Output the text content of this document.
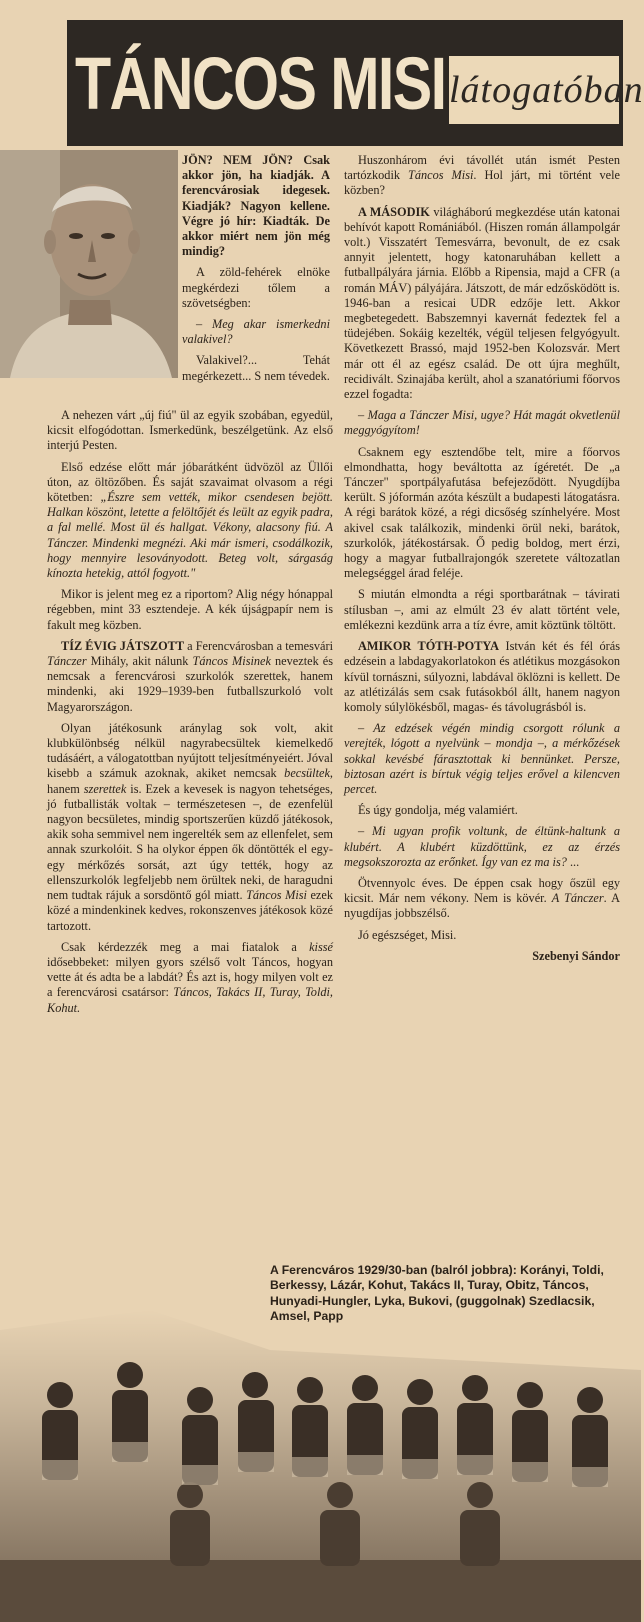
TÁNCOS MISI látogatóban

JÖN? NEM JÖN? Csak akkor jön, ha kiadják. A ferencvárosiak idegesek. Kiadják? Nagyon kellene. Végre jó hír: Kiadták. De akkor miért nem jön még mindig?

A zöld-fehérek elnöke megkérdezi tőlem a szövetségben:

– Meg akar ismerkedni valakivel?

Valakivel?... Tehát megérkezett... S nem tévedek.

A nehezen várt „új fiú" ül az egyik szobában, egyedül, kicsit elfogódottan. Ismerkedünk, beszélgetünk. Az első interjú Pesten.

Első edzése előtt már jóbarátként üdvözöl az Üllői úton, az öltözőben. És saját szavaimat olvasom a régi kötetben: „Észre sem vették, mikor csendesen bejött. Halkan köszönt, letette a felöltőjét és leült az egyik padra, a fal mellé. Most ül és hallgat. Vékony, alacsony fiú. A Tánczer. Mindenki megnézi. Aki már ismeri, csodálkozik, hogy mennyire lesoványodott. Beteg volt, sárgaság kínozta hetekig, attól fogyott."

Mikor is jelent meg ez a riportom? Alig négy hónappal régebben, mint 33 esztendeje. A kék újságpapír nem is fakult meg közben.

TÍZ ÉVIG JÁTSZOTT a Ferencvárosban a temesvári Tánczer Mihály, akit nálunk Táncos Misinek neveztek és nemcsak a ferencvárosi szurkolók szerettek, hanem mindenki, aki 1929–1939-ben futballszurkoló volt Magyarországon.

Olyan játékosunk aránylag sok volt, akit klubkülönbség nélkül nagyrabecsültek kiemelkedő tudásáért, a válogatottban nyújtott teljesítményeiért. Jóval kisebb a számuk azoknak, akiket nemcsak becsültek, hanem szerettek is. Ezek a kevesek is nagyon tehetséges, jó futballisták voltak – természetesen –, de ezenfelül nagyon becsületes, mindig sportszerűen küzdő játékosok, akik soha semmivel nem ingerelték sem az ellenfelet, sem annak szurkolóit. S ha olykor éppen ők döntötték el egy-egy mérkőzés sorsát, azt úgy tették, hogy az ellenszurkolók legfeljebb nem örültek neki, de haragudni nem tudtak rájuk a sorsdöntő gól miatt. Táncos Misi ezek közé a mindenkinek kedves, rokonszenves játékosok közé tartozott.

Csak kérdezzék meg a mai fiatalok a kissé idősebbeket: milyen gyors szélső volt Táncos, hogyan vette át és adta be a labdát? És azt is, hogy milyen volt ez a ferencvárosi csatársor: Táncos, Takács II, Turay, Toldi, Kohut.

Huszonhárom évi távollét után ismét Pesten tartózkodik Táncos Misi. Hol járt, mi történt vele közben?

A MÁSODIK világháború megkezdése után katonai behívót kapott Romániából. (Hiszen román állampolgár volt.) Visszatért Temesvárra, bevonult, de ez csak annyit jelentett, hogy katonaruhában kellett a futballpályára járnia. Előbb a Ripensia, majd a CFR (a román MÁV) pályájára. Játszott, de már edzősködött is. 1946-ban a resicai UDR edzője lett. Akkor megbetegedett. Babszemnyi kavernát fedeztek fel a tüdejében. Sokáig kezelték, végül teljesen felgyógyult. Következett Brassó, majd 1952-ben Kolozsvár. Mert már ott él az egész család. De ott újra meghűlt, recidivált. Szinajába került, ahol a szanatóriumi főorvos ezzel fogadta:

– Maga a Tánczer Misi, ugye? Hát magát okvetlenül meggyógyítom!

Csaknem egy esztendőbe telt, mire a főorvos elmondhatta, hogy beváltotta az ígéretét. De „a Tánczer" sportpályafutása befejeződött. Nyugdíjba került. S jóformán azóta készült a budapesti látogatásra. A régi barátok közé, a régi dicsőség színhelyére. Most akivel csak találkozik, mindenki örül neki, barátok, szurkolók, játékostársak. Ő pedig boldog, mert érzi, hogy a magyar futballrajongók szeretete változatlan melegséggel árad feléje.

S miután elmondta a régi sportbarátnak – távirati stílusban –, ami az elmúlt 23 év alatt történt vele, emlékezni kezdünk arra a tíz évre, amit köztünk töltött.

AMIKOR TÓTH-POTYA István két és fél órás edzésein a labdagyakorlatokon és atlétikus mozgásokon kívül tornászni, súlyozni, labdával öklözni is kellett. De az atlétizálás sem csak futásokból állt, hanem nagyon komoly súlylökésből, magas- és távolugrásból is.

– Az edzések végén mindig csorgott rólunk a verejték, lógott a nyelvünk – mondja –, a mérkőzések sokkal kevésbé fárasztottak ki bennünket. Persze, biztosan azért is bírtuk végig teljes erővel a kilencven percet.

És úgy gondolja, még valamiért.

– Mi ugyan profik voltunk, de éltünk-haltunk a klubért. A klubért küzdöttünk, ez az érzés megsokszorozta az erőnket. Így van ez ma is? ...

Ötvennyolc éves. De éppen csak hogy őszül egy kicsit. Már nem vékony. Nem is kövér. A Tánczer. A nyugdíjas jobbszélső.

Jó egészséget, Misi.

Szebenyi Sándor
A Ferencváros 1929/30-ban (balról jobbra): Korányi, Toldi, Berkessy, Lázár, Kohut, Takács II, Turay, Obitz, Táncos, Hunyadi-Hungler, Lyka, Bukovi, (guggolnak) Szedlacsik, Amsel, Papp
